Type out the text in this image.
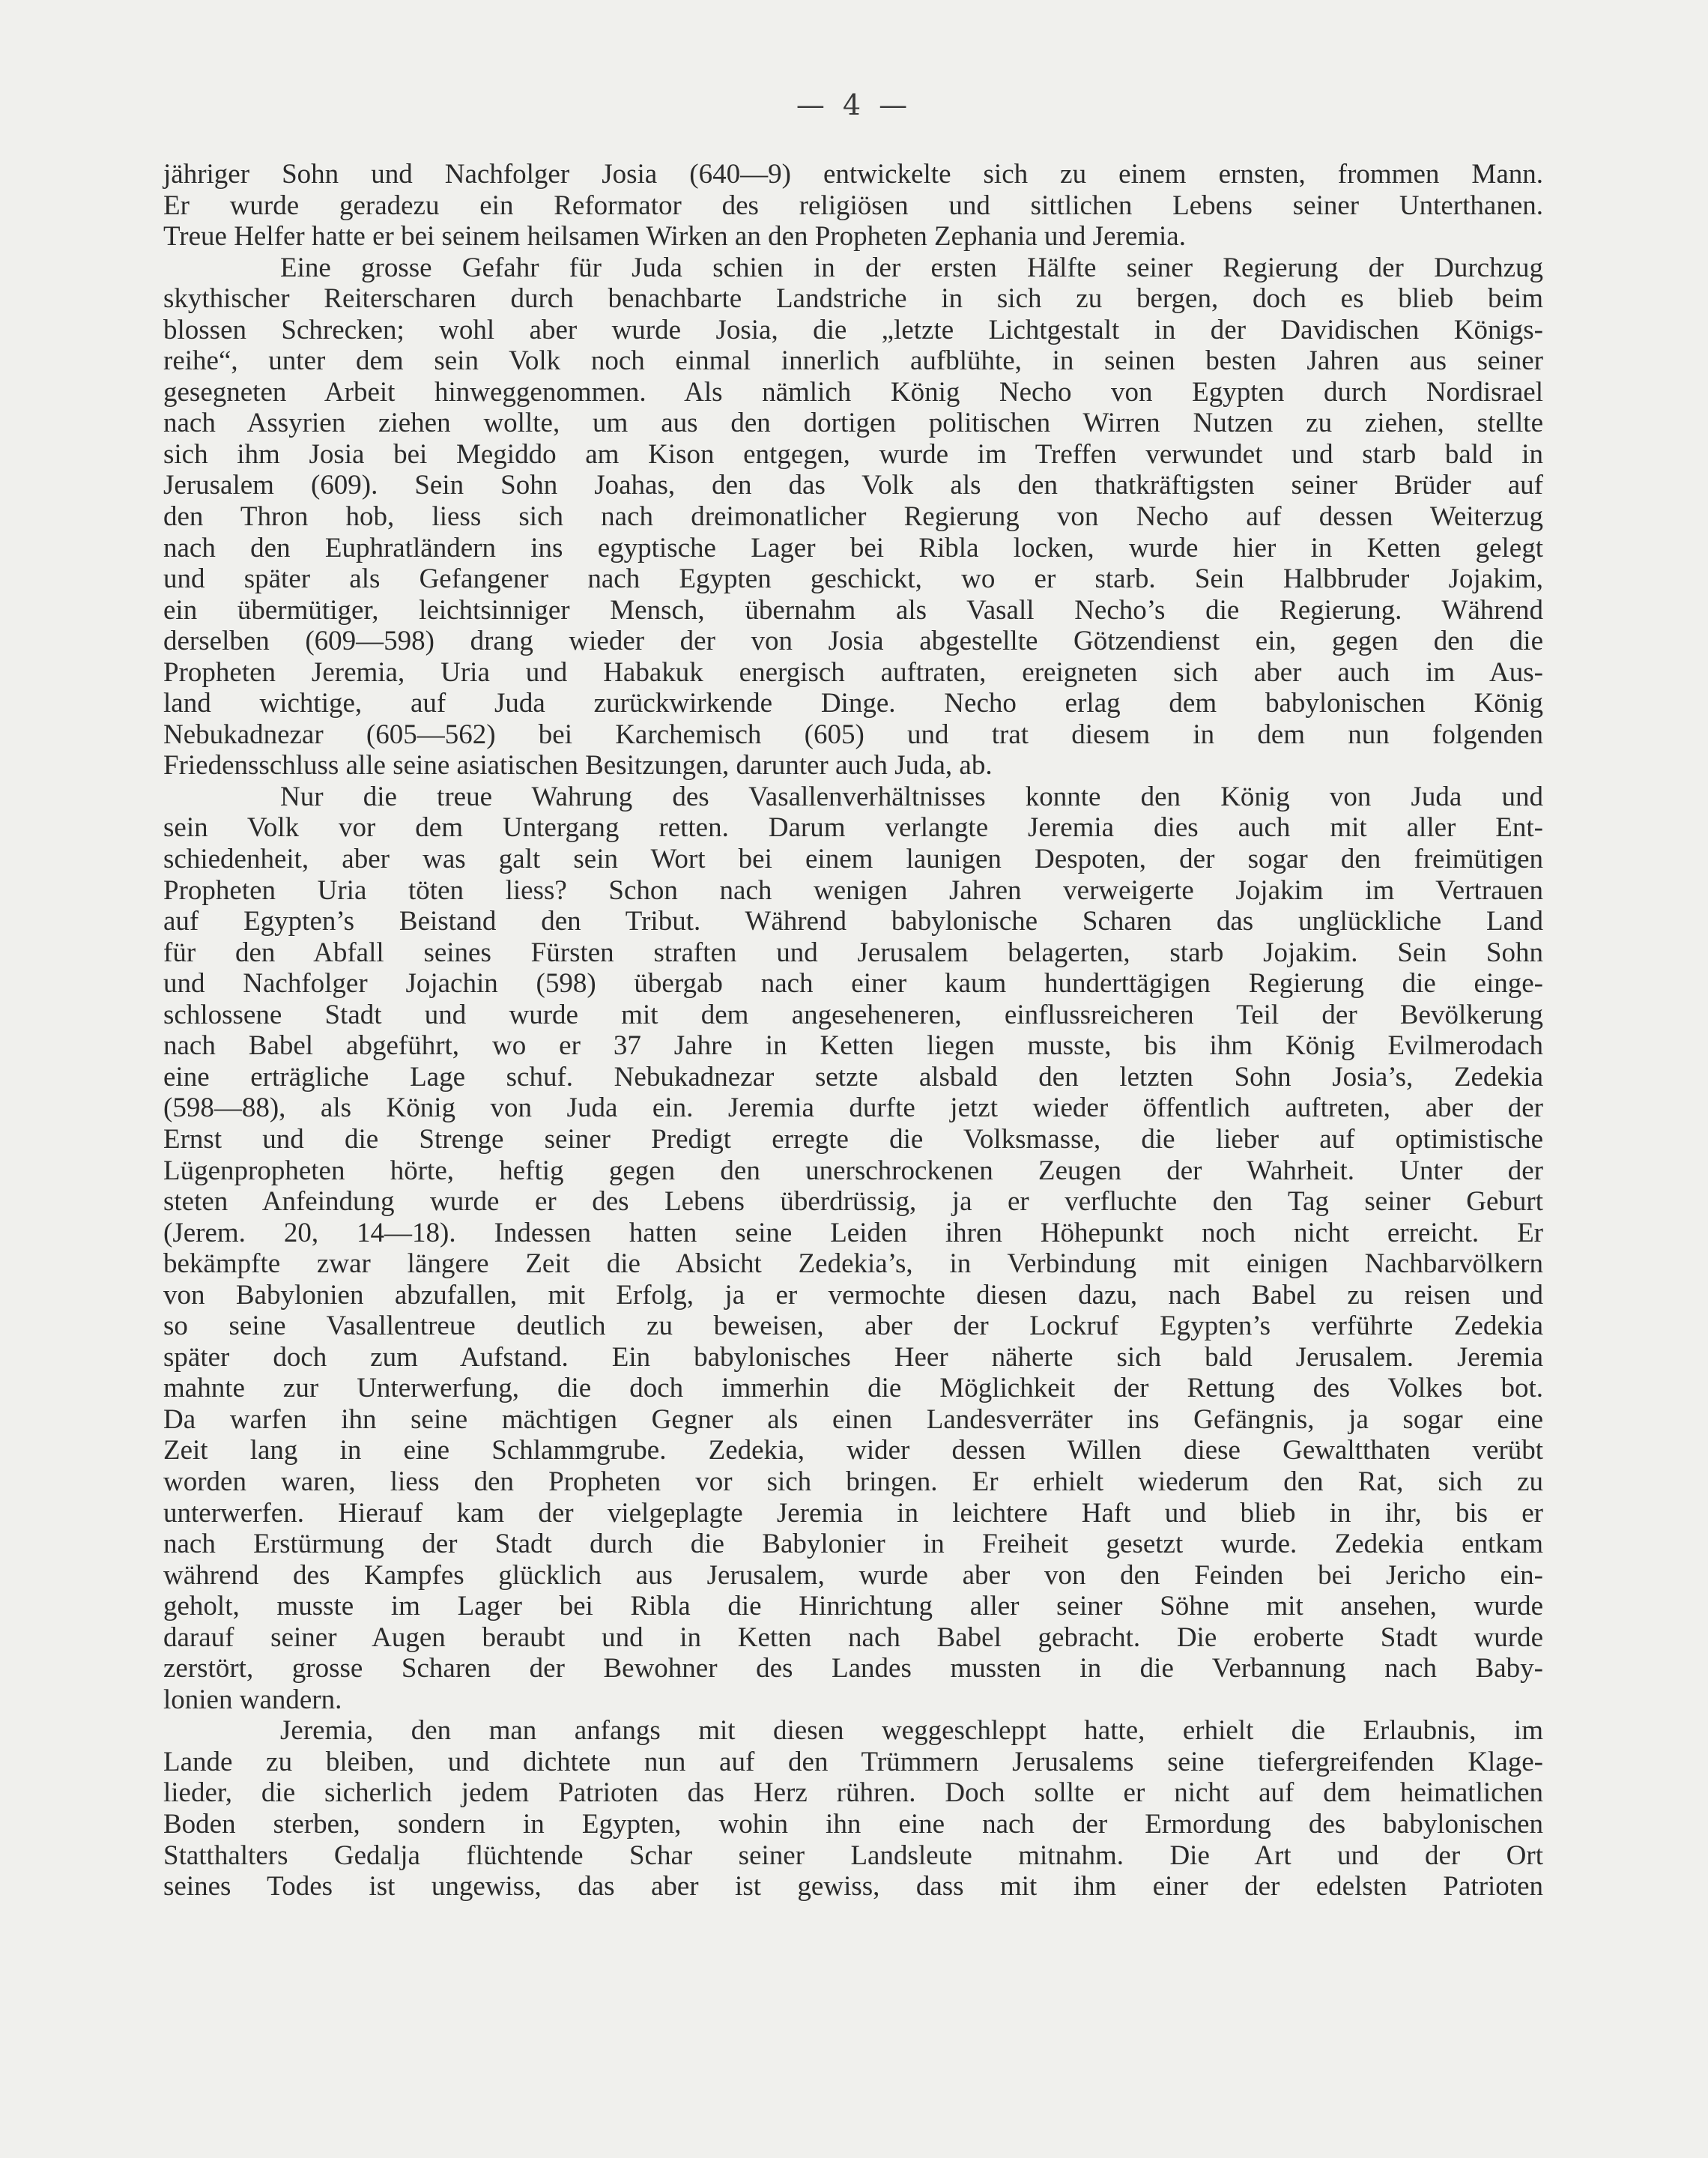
— 4 —
jähriger Sohn und Nachfolger Josia (640—9) entwickelte sich zu einem ernsten, frommen Mann.
Er wurde geradezu ein Reformator des religiösen und sittlichen Lebens seiner Unterthanen.
Treue Helfer hatte er bei seinem heilsamen Wirken an den Propheten Zephania und Jeremia.
Eine grosse Gefahr für Juda schien in der ersten Hälfte seiner Regierung der Durchzug
skythischer Reiterscharen durch benachbarte Landstriche in sich zu bergen, doch es blieb beim
blossen Schrecken; wohl aber wurde Josia, die „letzte Lichtgestalt in der Davidischen Königs-
reihe“, unter dem sein Volk noch einmal innerlich aufblühte, in seinen besten Jahren aus seiner
gesegneten Arbeit hinweggenommen. Als nämlich König Necho von Egypten durch Nordisrael
nach Assyrien ziehen wollte, um aus den dortigen politischen Wirren Nutzen zu ziehen, stellte
sich ihm Josia bei Megiddo am Kison entgegen, wurde im Treffen verwundet und starb bald in
Jerusalem (609). Sein Sohn Joahas, den das Volk als den thatkräftigsten seiner Brüder auf
den Thron hob, liess sich nach dreimonatlicher Regierung von Necho auf dessen Weiterzug
nach den Euphratländern ins egyptische Lager bei Ribla locken, wurde hier in Ketten gelegt
und später als Gefangener nach Egypten geschickt, wo er starb. Sein Halbbruder Jojakim,
ein übermütiger, leichtsinniger Mensch, übernahm als Vasall Necho’s die Regierung. Während
derselben (609—598) drang wieder der von Josia abgestellte Götzendienst ein, gegen den die
Propheten Jeremia, Uria und Habakuk energisch auftraten, ereigneten sich aber auch im Aus-
land wichtige, auf Juda zurückwirkende Dinge. Necho erlag dem babylonischen König
Nebukadnezar (605—562) bei Karchemisch (605) und trat diesem in dem nun folgenden
Friedensschluss alle seine asiatischen Besitzungen, darunter auch Juda, ab.
Nur die treue Wahrung des Vasallenverhältnisses konnte den König von Juda und
sein Volk vor dem Untergang retten. Darum verlangte Jeremia dies auch mit aller Ent-
schiedenheit, aber was galt sein Wort bei einem launigen Despoten, der sogar den freimütigen
Propheten Uria töten liess? Schon nach wenigen Jahren verweigerte Jojakim im Vertrauen
auf Egypten’s Beistand den Tribut. Während babylonische Scharen das unglückliche Land
für den Abfall seines Fürsten straften und Jerusalem belagerten, starb Jojakim. Sein Sohn
und Nachfolger Jojachin (598) übergab nach einer kaum hunderttägigen Regierung die einge-
schlossene Stadt und wurde mit dem angeseheneren, einflussreicheren Teil der Bevölkerung
nach Babel abgeführt, wo er 37 Jahre in Ketten liegen musste, bis ihm König Evilmerodach
eine erträgliche Lage schuf. Nebukadnezar setzte alsbald den letzten Sohn Josia’s, Zedekia
(598—88), als König von Juda ein. Jeremia durfte jetzt wieder öffentlich auftreten, aber der
Ernst und die Strenge seiner Predigt erregte die Volksmasse, die lieber auf optimistische
Lügenpropheten hörte, heftig gegen den unerschrockenen Zeugen der Wahrheit. Unter der
steten Anfeindung wurde er des Lebens überdrüssig, ja er verfluchte den Tag seiner Geburt
(Jerem. 20, 14—18). Indessen hatten seine Leiden ihren Höhepunkt noch nicht erreicht. Er
bekämpfte zwar längere Zeit die Absicht Zedekia’s, in Verbindung mit einigen Nachbarvölkern
von Babylonien abzufallen, mit Erfolg, ja er vermochte diesen dazu, nach Babel zu reisen und
so seine Vasallentreue deutlich zu beweisen, aber der Lockruf Egypten’s verführte Zedekia
später doch zum Aufstand. Ein babylonisches Heer näherte sich bald Jerusalem. Jeremia
mahnte zur Unterwerfung, die doch immerhin die Möglichkeit der Rettung des Volkes bot.
Da warfen ihn seine mächtigen Gegner als einen Landesverräter ins Gefängnis, ja sogar eine
Zeit lang in eine Schlammgrube. Zedekia, wider dessen Willen diese Gewaltthaten verübt
worden waren, liess den Propheten vor sich bringen. Er erhielt wiederum den Rat, sich zu
unterwerfen. Hierauf kam der vielgeplagte Jeremia in leichtere Haft und blieb in ihr, bis er
nach Erstürmung der Stadt durch die Babylonier in Freiheit gesetzt wurde. Zedekia entkam
während des Kampfes glücklich aus Jerusalem, wurde aber von den Feinden bei Jericho ein-
geholt, musste im Lager bei Ribla die Hinrichtung aller seiner Söhne mit ansehen, wurde
darauf seiner Augen beraubt und in Ketten nach Babel gebracht. Die eroberte Stadt wurde
zerstört, grosse Scharen der Bewohner des Landes mussten in die Verbannung nach Baby-
lonien wandern.
Jeremia, den man anfangs mit diesen weggeschleppt hatte, erhielt die Erlaubnis, im
Lande zu bleiben, und dichtete nun auf den Trümmern Jerusalems seine tiefergreifenden Klage-
lieder, die sicherlich jedem Patrioten das Herz rühren. Doch sollte er nicht auf dem heimatlichen
Boden sterben, sondern in Egypten, wohin ihn eine nach der Ermordung des babylonischen
Statthalters Gedalja flüchtende Schar seiner Landsleute mitnahm. Die Art und der Ort
seines Todes ist ungewiss, das aber ist gewiss, dass mit ihm einer der edelsten Patrioten
